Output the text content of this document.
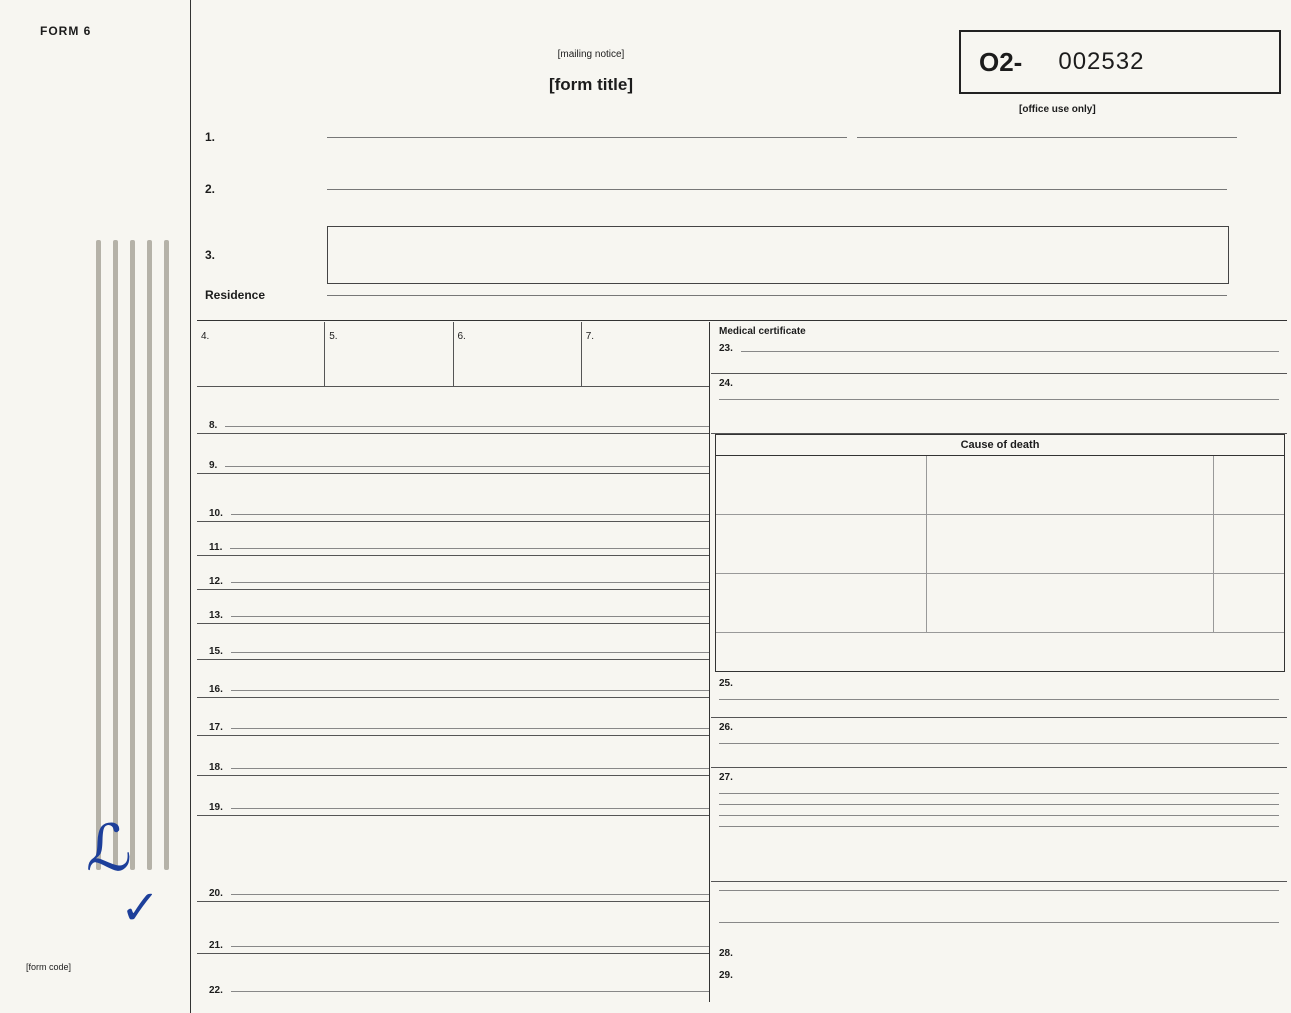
FORM 6
ℒ
✓
[form code]
[mailing notice]
[form title]
O2- 002532
[office use only]
1.
2.
3.
Residence
4.	5.	6.	7.
8.
9.
10.
11.
12.
13.
15.
16.
17.
18.
19.
20.
21.
22.
Medical certificate
23.
24.
Cause of death
25.
26.
27.
28.
29.
